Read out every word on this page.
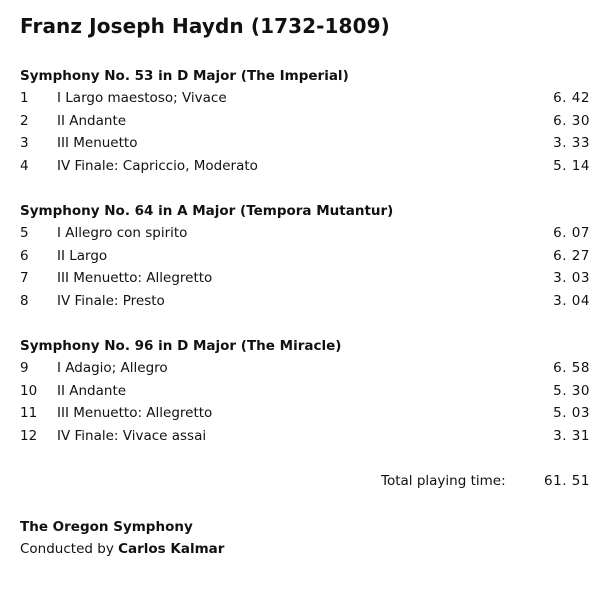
Franz Joseph Haydn (1732-1809)
Symphony No. 53 in D Major (The Imperial)
1 I Largo maestoso; Vivace	6. 42
2 II Andante	6. 30
3 III Menuetto	3. 33
4 IV Finale: Capriccio, Moderato	5. 14
Symphony No. 64 in A Major (Tempora Mutantur)
5 I Allegro con spirito	6. 07
6 II Largo	6. 27
7 III Menuetto: Allegretto	3. 03
8 IV Finale: Presto	3. 04
Symphony No. 96 in D Major (The Miracle)
9 I Adagio; Allegro	6. 58
10 II Andante	5. 30
11 III Menuetto: Allegretto	5. 03
12 IV Finale: Vivace assai	3. 31
Total playing time:	61. 51
The Oregon Symphony
Conducted by Carlos Kalmar
